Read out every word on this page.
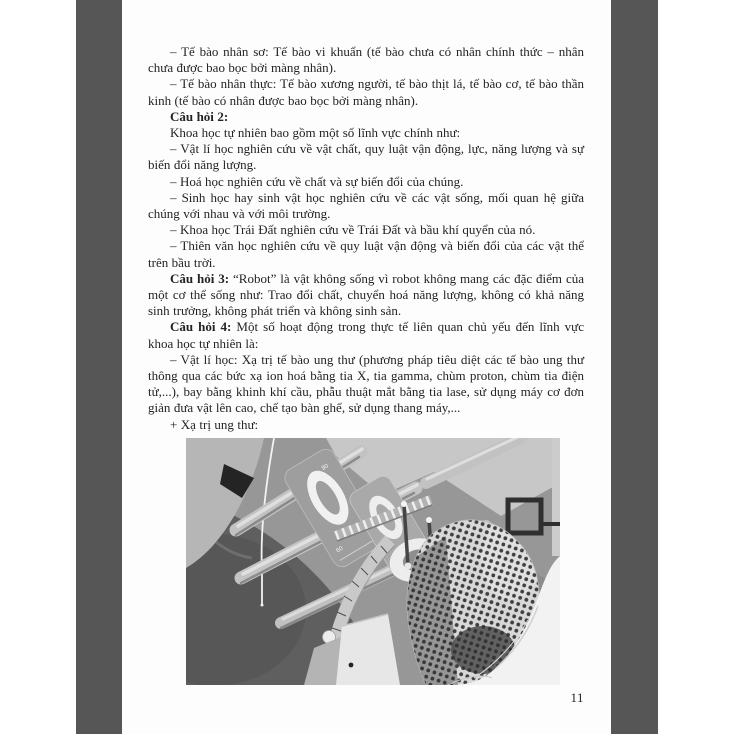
– Tế bào nhân sơ: Tế bào vi khuẩn (tế bào chưa có nhân chính thức – nhân chưa được bao bọc bởi màng nhân).

– Tế bào nhân thực: Tế bào xương người, tế bào thịt lá, tế bào cơ, tế bào thần kinh (tế bào có nhân được bao bọc bởi màng nhân).

Câu hỏi 2:

Khoa học tự nhiên bao gồm một số lĩnh vực chính như:

– Vật lí học nghiên cứu về vật chất, quy luật vận động, lực, năng lượng và sự biến đổi năng lượng.

– Hoá học nghiên cứu về chất và sự biến đổi của chúng.

– Sinh học hay sinh vật học nghiên cứu về các vật sống, mối quan hệ giữa chúng với nhau và với môi trường.

– Khoa học Trái Đất nghiên cứu về Trái Đất và bầu khí quyển của nó.

– Thiên văn học nghiên cứu về quy luật vận động và biến đổi của các vật thể trên bầu trời.

Câu hỏi 3: “Robot” là vật không sống vì robot không mang các đặc điểm của một cơ thể sống như: Trao đổi chất, chuyển hoá năng lượng, không có khả năng sinh trưởng, không phát triển và không sinh sản.

Câu hỏi 4: Một số hoạt động trong thực tế liên quan chủ yếu đến lĩnh vực khoa học tự nhiên là:

– Vật lí học: Xạ trị tế bào ung thư (phương pháp tiêu diệt các tế bào ung thư thông qua các bức xạ ion hoá bằng tia X, tia gamma, chùm proton, chùm tia điện tử,...), bay bằng khinh khí cầu, phẫu thuật mắt bằng tia lase, sử dụng máy cơ đơn giản đưa vật lên cao, chế tạo bàn ghế, sử dụng thang máy,...

+ Xạ trị ung thư:

60
90
11
